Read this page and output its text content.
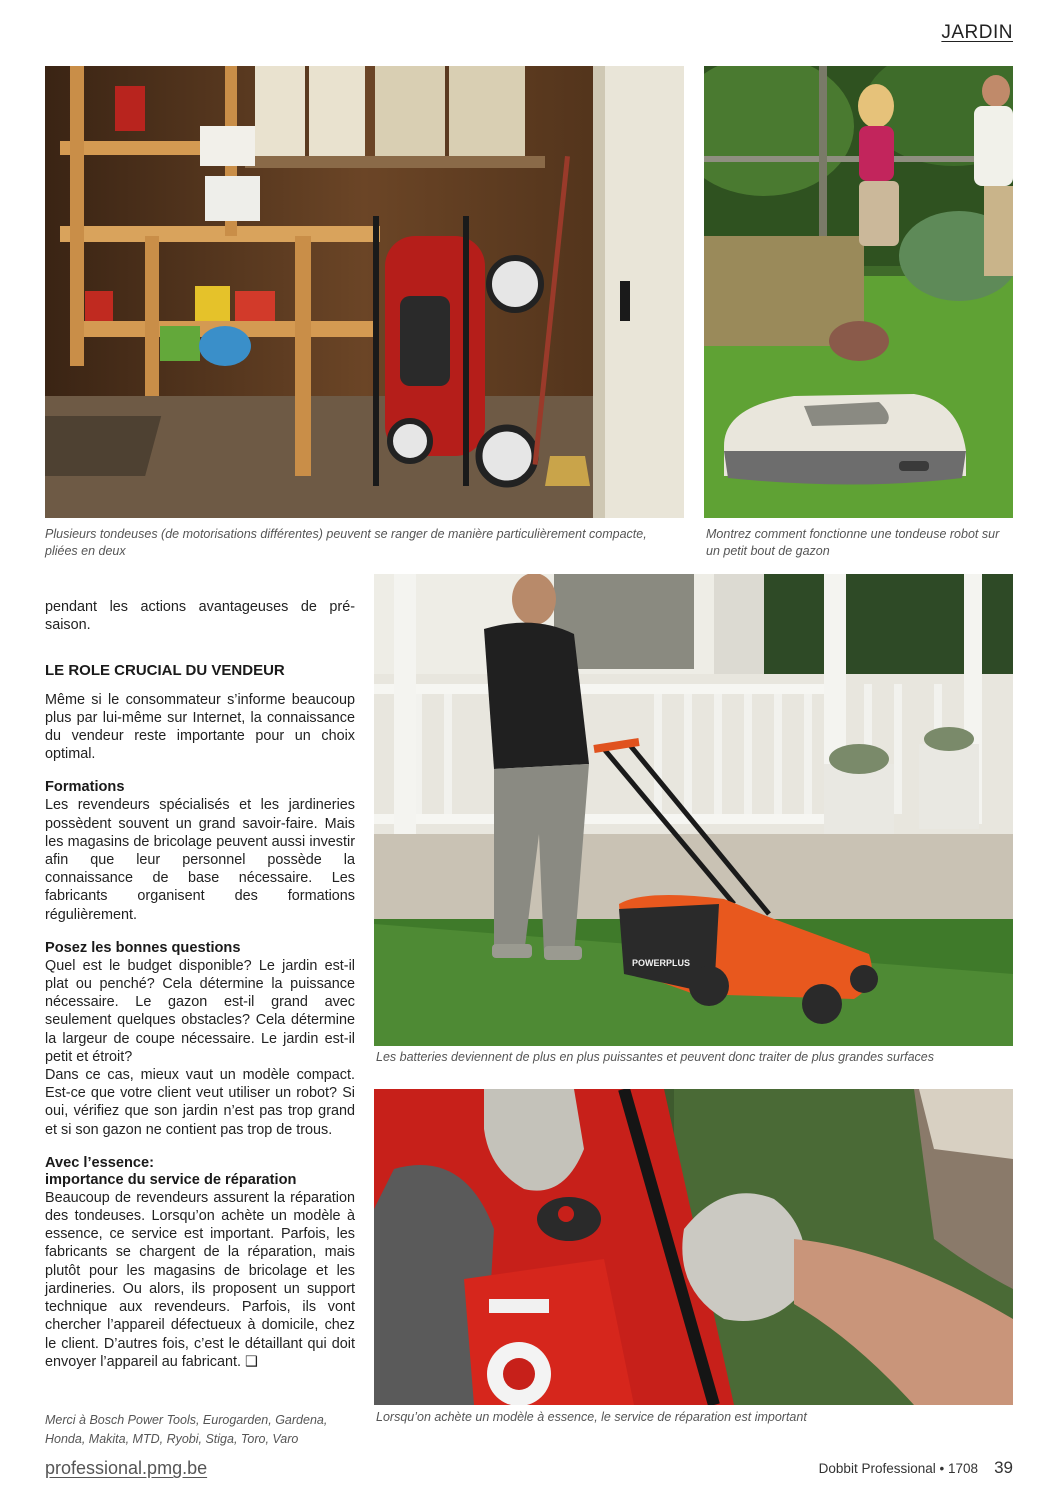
JARDIN
Plusieurs tondeuses (de motorisations différentes) peuvent se ranger de manière particulièrement compacte, pliées en deux
Montrez comment fonctionne une tondeuse robot sur un petit bout de gazon
POWERPLUS
Les batteries deviennent de plus en plus puissantes et peuvent donc traiter de plus grandes surfaces
Lorsqu’on achète un modèle à essence, le service de réparation est important

pendant les actions avantageuses de pré-saison.

LE ROLE CRUCIAL DU VENDEUR

Même si le consommateur s’informe beaucoup plus par lui-même sur Internet, la connaissance du vendeur reste importante pour un choix optimal.

Formations

Les revendeurs spécialisés et les jardineries possèdent souvent un grand savoir-faire. Mais les magasins de bricolage peuvent aussi investir afin que leur personnel possède la connaissance de base nécessaire. Les fabricants organisent des formations régulièrement.

Posez les bonnes questions

Quel est le budget disponible? Le jardin est-il plat ou penché? Cela détermine la puissance nécessaire. Le gazon est-il grand avec seulement quelques obstacles? Cela détermine la largeur de coupe nécessaire. Le jardin est-il petit et étroit?

Dans ce cas, mieux vaut un modèle compact. Est-ce que votre client veut utiliser un robot? Si oui, vérifiez que son jardin n’est pas trop grand et si son gazon ne contient pas trop de trous.

Avec l’essence:
importance du service de réparation

Beaucoup de revendeurs assurent la réparation des tondeuses. Lorsqu’on achète un modèle à essence, ce service est important. Parfois, les fabricants se chargent de la réparation, mais plutôt pour les magasins de bricolage et les jardineries. Ou alors, ils proposent un support technique aux revendeurs. Parfois, ils vont chercher l’appareil défectueux à domicile, chez le client. D’autres fois, c’est le détaillant qui doit envoyer l’appareil au fabricant. ❑

Merci à Bosch Power Tools, Eurogarden, Gardena, Honda, Makita, MTD, Ryobi, Stiga, Toro, Varo
professional.pmg.be	Dobbit Professional • 1708 39
